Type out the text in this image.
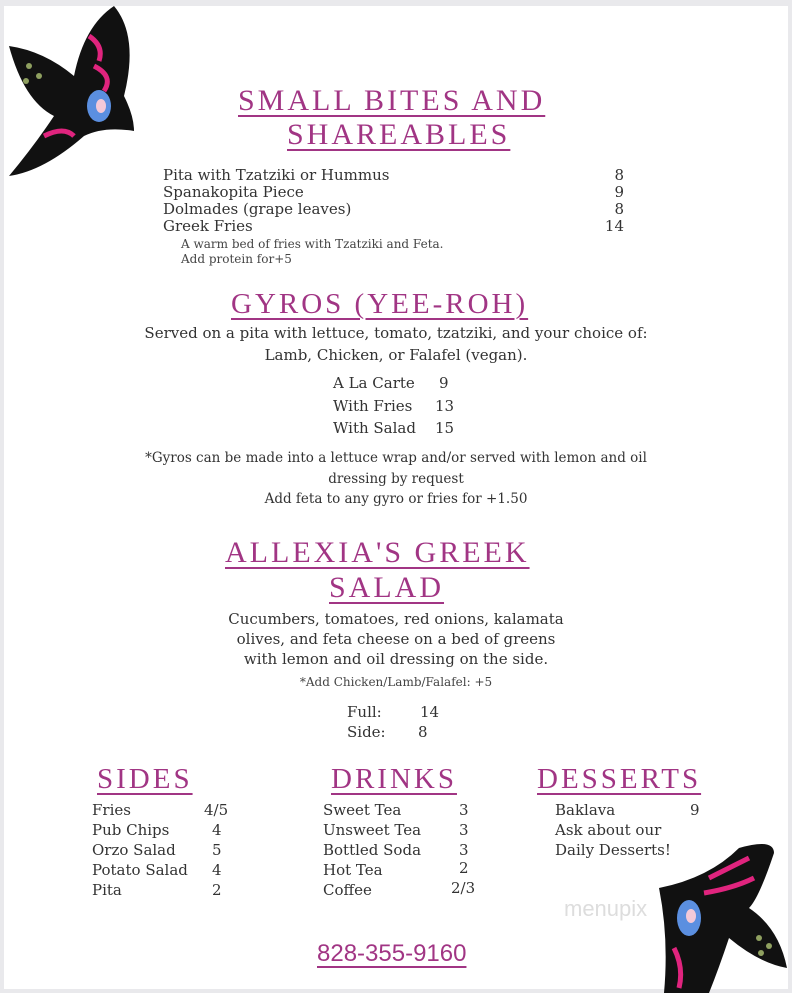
menupix
SMALL BITES AND
SHAREABLES
Pita with Tzatziki or Hummus	8
Spanakopita Piece	9
Dolmades (grape leaves)	8
Greek Fries	14
A warm bed of fries with Tzatziki and Feta.
Add protein for+5
GYROS (YEE-ROH)
Served on a pita with lettuce, tomato, tzatziki, and your choice of:
Lamb, Chicken, or Falafel (vegan).
A La Carte 9
With Fries 13
With Salad 15
*Gyros can be made into a lettuce wrap and/or served with lemon and oil
dressing by request
Add feta to any gyro or fries for +1.50
ALLEXIA'S GREEK
SALAD
Cucumbers, tomatoes, red onions, kalamata
olives, and feta cheese on a bed of greens
with lemon and oil dressing on the side.
*Add Chicken/Lamb/Falafel: +5
Full:	14
Side: 8
SIDES	DRINKS	DESSERTS
Fries	4/5
Pub Chips	4
Orzo Salad 5
Potato Salad 4
Pita	2
Sweet Tea	3
Unsweet Tea	3
Bottled Soda	3
Hot Tea	2
Coffee	2/3
Baklava	9
Ask about our
Daily Desserts!
828-355-9160
